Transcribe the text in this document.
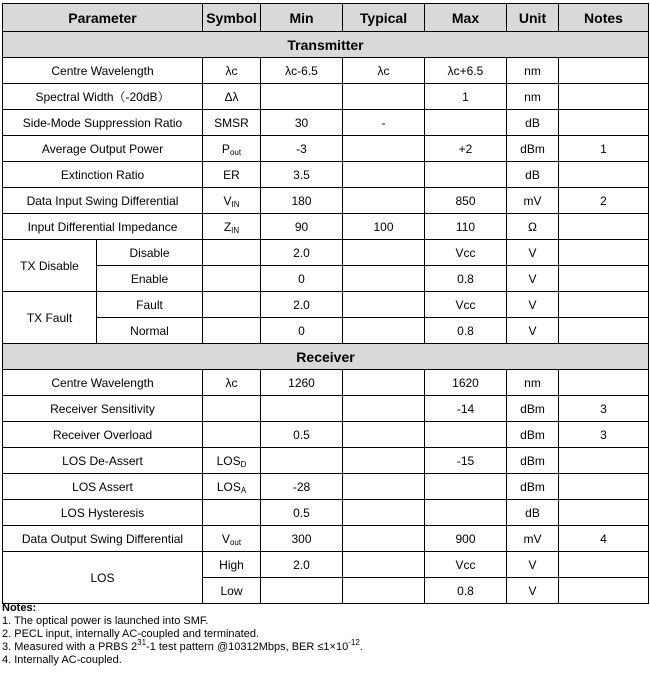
Parameter		Symbol	Min	Typical	Max	Unit	Notes
Transmitter							
Centre Wavelength		λc	λc-6.5	λc	λc+6.5	nm	
Spectral Width（-20dB）		Δλ			1	nm	
Side-Mode Suppression Ratio		SMSR	30	-		dB	
Average Output Power		$P_{out}$	-3		+2	dBm	1
Extinction Ratio		ER	3.5			dB	
Data Input Swing Differential		$V_{IN}$	180		850	mV	2
Input Differential Impedance		$Z_{IN}$	90	100	110	Ω	
TX Disable	Disable		2.0		Vcc	V	
	Enable		0		0.8	V	
TX Fault	Fault		2.0		Vcc	V	
	Normal		0		0.8	V	
Receiver							
Centre Wavelength		λc	1260		1620	nm	
Receiver Sensitivity					-14	dBm	3
Receiver Overload			0.5			dBm	3
LOS De-Assert		$LOS_D$			-15	dBm	
LOS Assert		$LOS_A$	-28			dBm	
LOS Hysteresis			0.5			dB	
Data Output Swing Differential		$V_{out}$	300		900	mV	4
LOS		High	2.0		Vcc	V	
		Low			0.8	V	
Notes:
1. The optical power is launched into SMF.
2. PECL input, internally AC-coupled and terminated.
3. Measured with a PRBS $2^{31}-1$ test pattern @10312Mbps, BER $\le 1\times 10^{-12}$.
4. Internally AC-coupled.
